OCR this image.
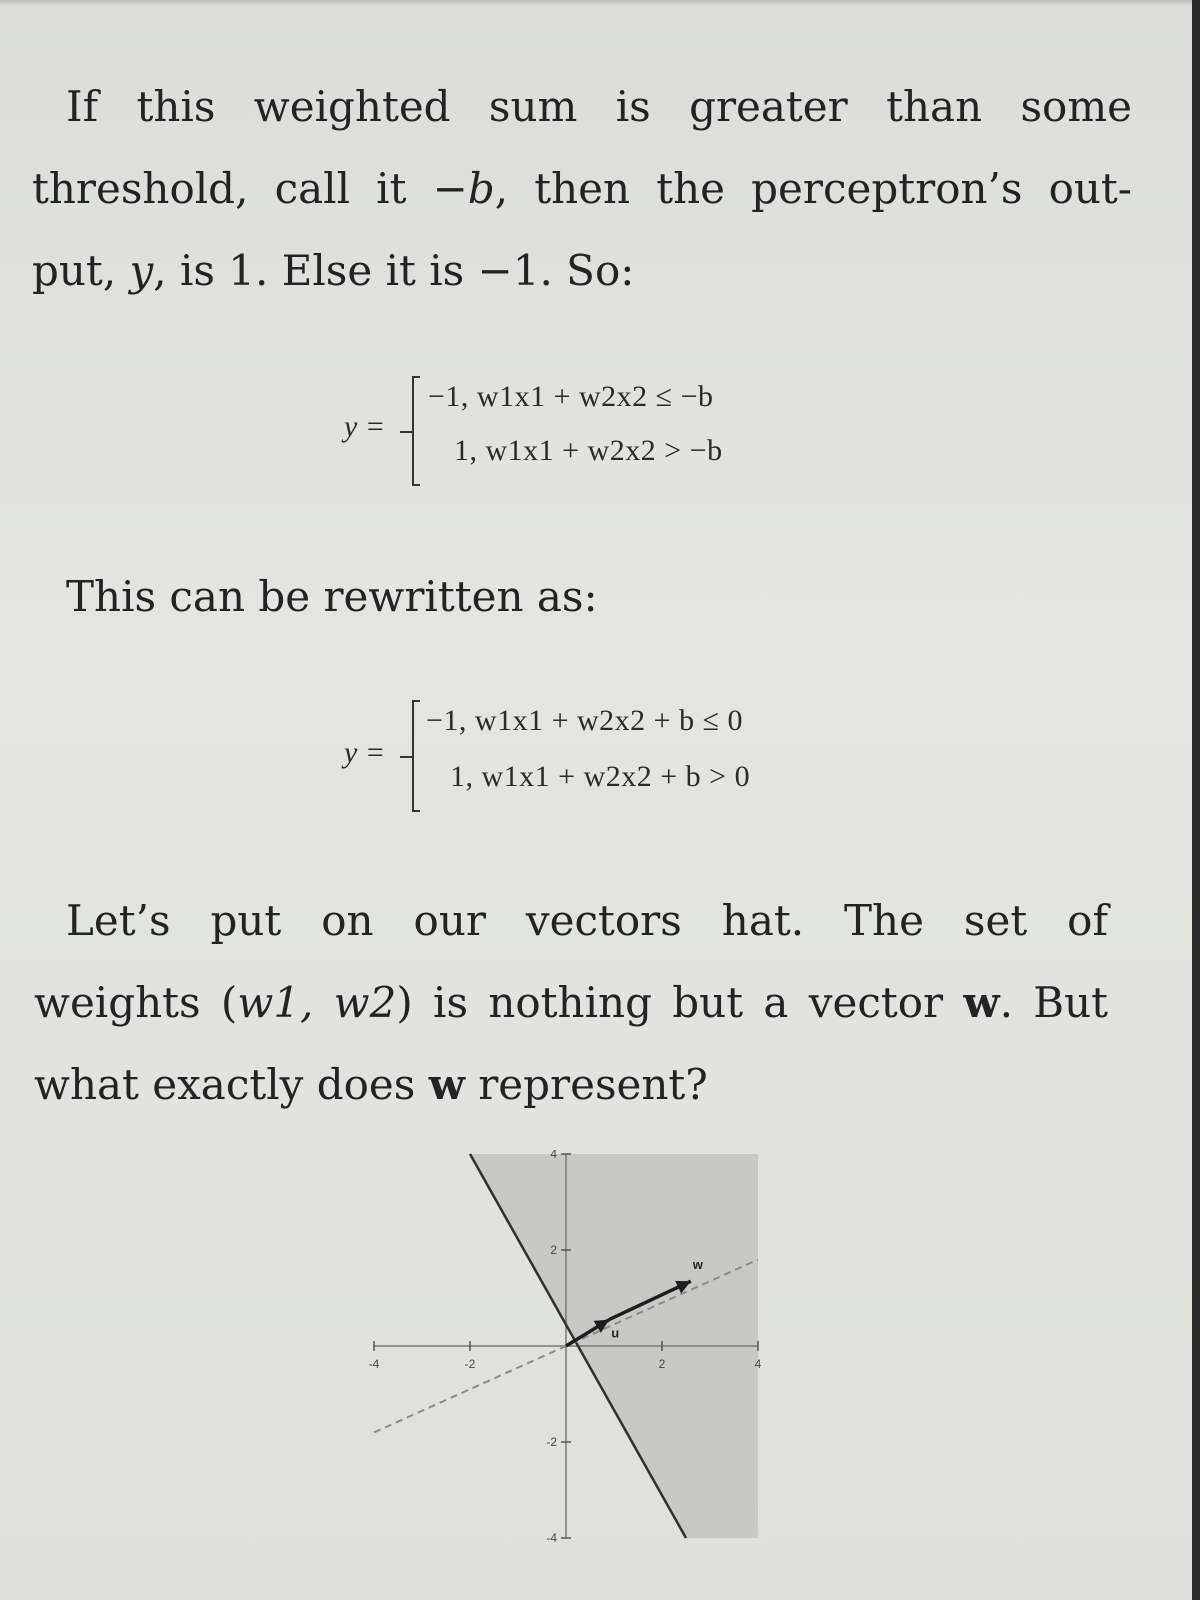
If this weighted sum is greater than some
threshold, call it −b, then the perceptron’s out-
put, y, is 1. Else it is −1. So:
y =
−1, w1x1 + w2x2 ≤ −b
1, w1x1 + w2x2 > −b
This can be rewritten as:
y =
−1, w1x1 + w2x2 + b ≤ 0
1, w1x1 + w2x2 + b > 0
Let’s put on our vectors hat. The set of
weights (w1, w2) is nothing but a vector w. But
what exactly does w represent?
-4	-2	2	4
4
2
-2
-4
u
w
